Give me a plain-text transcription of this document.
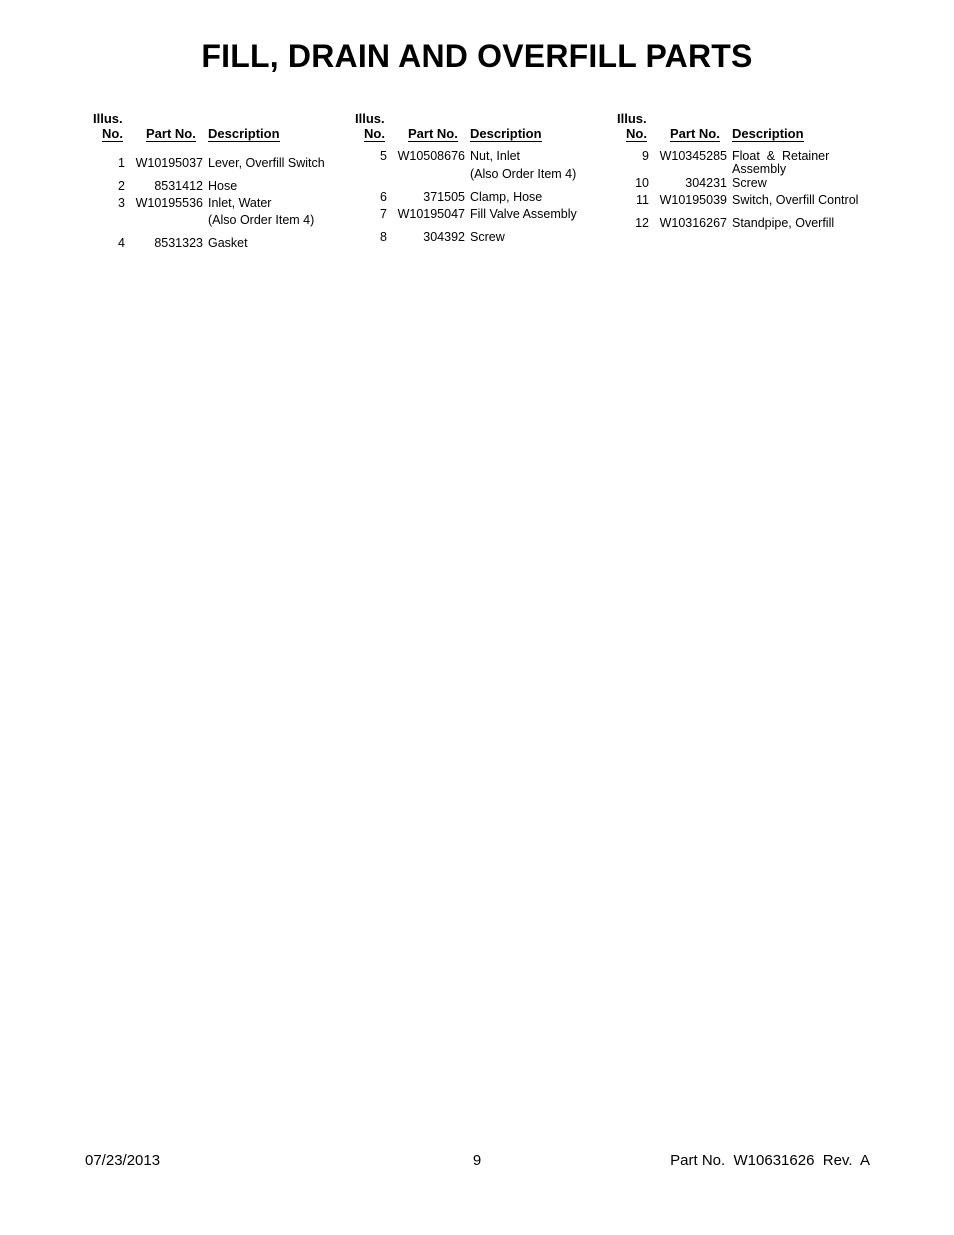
FILL, DRAIN AND OVERFILL PARTS
Illus.
No. Part No. Description
1 W10195037 Lever, Overfill Switch
2	8531412 Hose
3 W10195536 Inlet, Water
(Also Order Item 4)
4	8531323 Gasket
Illus.
No. Part No. Description
5 W10508676 Nut, Inlet
(Also Order Item 4)
6	371505 Clamp, Hose
7 W10195047 Fill Valve Assembly
8	304392 Screw
Illus.
No. Part No. Description
9 W10345285 Float  &  Retainer
Assembly
10	304231 Screw
11 W10195039 Switch, Overfill Control
12 W10316267 Standpipe, Overfill
07/23/2013	9	Part No.  W10631626  Rev.  A
